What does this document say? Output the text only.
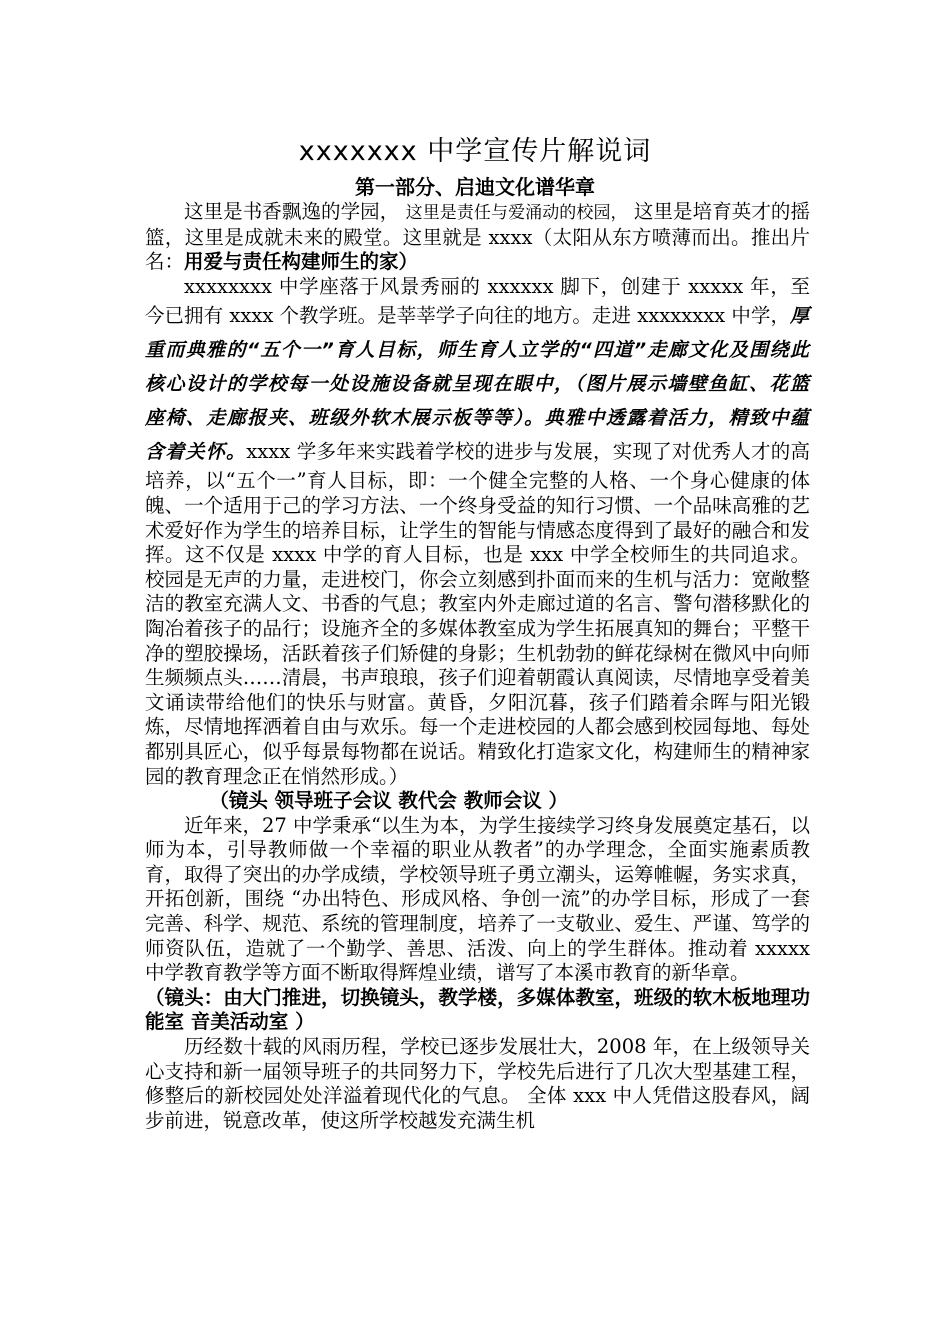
xxxxxxx 中学宣传片解说词
第一部分、启迪文化谱华章

这里是书香飘逸的学园， 这里是责任与爱涌动的校园， 这里是培育英才的摇篮，这里是成就未来的殿堂。这里就是 xxxx（太阳从东方喷薄而出。推出片名：用爱与责任构建师生的家）

xxxxxxxx 中学座落于风景秀丽的 xxxxxx 脚下，创建于 xxxxx 年，至今已拥有 xxxx 个教学班。是莘莘学子向往的地方。走进 xxxxxxxx 中学，厚重而典雅的“五个一”育人目标，师生育人立学的“四道”走廊文化及围绕此核心设计的学校每一处设施设备就呈现在眼中，（图片展示墙壁鱼缸、花篮座椅、走廊报夹、班级外软木展示板等等）。典雅中透露着活力，精致中蕴含着关怀。xxxx 学多年来实践着学校的进步与发展，实现了对优秀人才的高培养，以“五个一”育人目标，即：一个健全完整的人格、一个身心健康的体魄、一个适用于己的学习方法、一个终身受益的知行习惯、一个品味高雅的艺术爱好作为学生的培养目标，让学生的智能与情感态度得到了最好的融合和发挥。这不仅是 xxxx 中学的育人目标，也是 xxx 中学全校师生的共同追求。校园是无声的力量，走进校门，你会立刻感到扑面而来的生机与活力：宽敞整洁的教室充满人文、书香的气息；教室内外走廊过道的名言、警句潜移默化的陶冶着孩子的品行；设施齐全的多媒体教室成为学生拓展真知的舞台；平整干净的塑胶操场，活跃着孩子们矫健的身影；生机勃勃的鲜花绿树在微风中向师生频频点头……清晨，书声琅琅，孩子们迎着朝霞认真阅读，尽情地享受着美文诵读带给他们的快乐与财富。黄昏，夕阳沉暮，孩子们踏着余晖与阳光锻炼，尽情地挥洒着自由与欢乐。每一个走进校园的人都会感到校园每地、每处都别具匠心，似乎每景每物都在说话。精致化打造家文化，构建师生的精神家园的教育理念正在悄然形成。）

（镜头 领导班子会议 教代会 教师会议 ）

近年来，27 中学秉承“以生为本，为学生接续学习终身发展奠定基石，以师为本，引导教师做一个幸福的职业从教者”的办学理念，全面实施素质教育，取得了突出的办学成绩，学校领导班子勇立潮头，运筹帷幄，务实求真，开拓创新，围绕 “办出特色、形成风格、争创一流”的办学目标，形成了一套完善、科学、规范、系统的管理制度，培养了一支敬业、爱生、严谨、笃学的师资队伍，造就了一个勤学、善思、活泼、向上的学生群体。推动着 xxxxx 中学教育教学等方面不断取得辉煌业绩，谱写了本溪市教育的新华章。

（镜头：由大门推进，切换镜头，教学楼，多媒体教室，班级的软木板地理功能室 音美活动室 ）

历经数十载的风雨历程，学校已逐步发展壮大，2008 年，在上级领导关心支持和新一届领导班子的共同努力下，学校先后进行了几次大型基建工程，修整后的新校园处处洋溢着现代化的气息。 全体 xxx 中人凭借这股春风，阔步前进，锐意改革，使这所学校越发充满生机
